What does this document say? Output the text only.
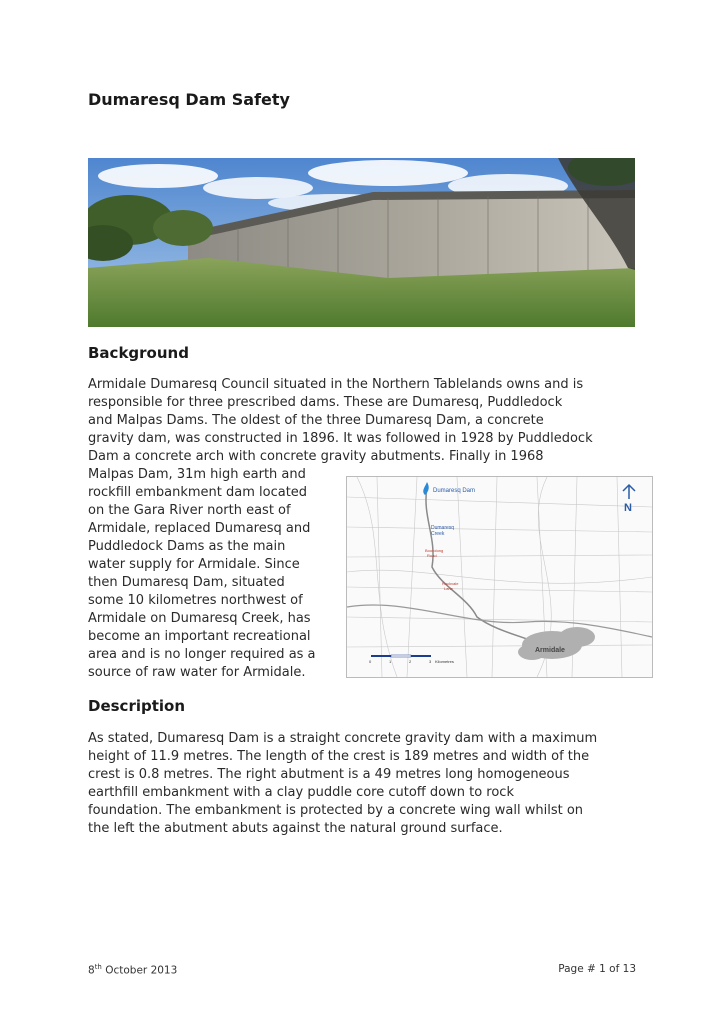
Dumaresq Dam Safety
Background
Armidale Dumaresq Council situated in the Northern Tablelands owns and is
responsible for three prescribed dams. These are Dumaresq, Puddledock
and Malpas Dams. The oldest of the three Dumaresq Dam, a concrete
gravity dam, was constructed in 1896. It was followed in 1928 by Puddledock
Dam a concrete arch with concrete gravity abutments. Finally in 1968
Malpas Dam, 31m high earth and
rockfill embankment dam located
on the Gara River north east of
Armidale, replaced Dumaresq and
Puddledock Dams as the main
water supply for Armidale. Since
then Dumaresq Dam, situated
some 10 kilometres northwest of
Armidale on Dumaresq Creek, has
become an important recreational
area and is no longer required as a
source of raw water for Armidale.
Dumaresq Dam
Dumaresq
Creek
Boorolong
Road
Rockvale
Lane
Armidale
N
0	1	2	3 Kilometres
Description
As stated, Dumaresq Dam is a straight concrete gravity dam with a maximum
height of 11.9 metres. The length of the crest is 189 metres and width of the
crest is 0.8 metres. The right abutment is a 49 metres long homogeneous
earthfill embankment with a clay puddle core cutoff down to rock
foundation. The embankment is protected by a concrete wing wall whilst on
the left the abutment abuts against the natural ground surface.
8th October 2013	Page # 1 of 13
